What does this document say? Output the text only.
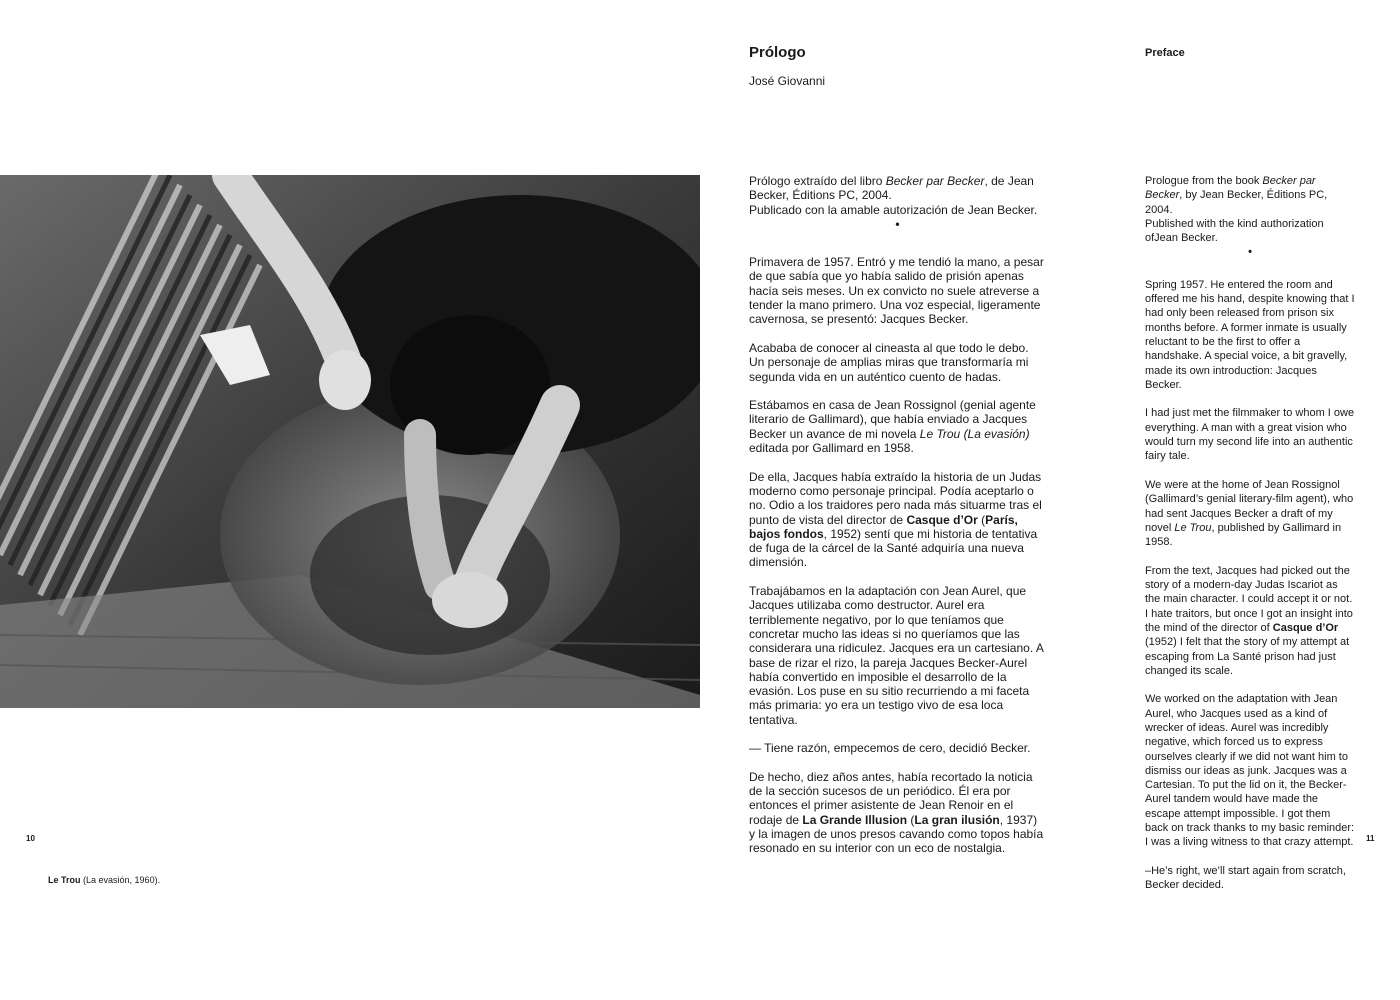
10
Le Trou (La evasión, 1960).
Prólogo
José Giovanni

Prólogo extraído del libro Becker par Becker, de Jean Becker, Éditions PC, 2004.
Publicado con la amable autorización de Jean Becker.

•

Primavera de 1957. Entró y me tendió la mano, a pesar de que sabía que yo había salido de prisión apenas hacía seis meses. Un ex convicto no suele atreverse a tender la mano primero. Una voz especial, ligeramente cavernosa, se presentó: Jacques Becker.

Acababa de conocer al cineasta al que todo le debo. Un personaje de amplias miras que transformaría mi segunda vida en un auténtico cuento de hadas.

Estábamos en casa de Jean Rossignol (genial agente literario de Gallimard), que había enviado a Jacques Becker un avance de mi novela Le Trou (La evasión) editada por Gallimard en 1958.

De ella, Jacques había extraído la historia de un Judas moderno como personaje principal. Podía aceptarlo o no. Odio a los traidores pero nada más situarme tras el punto de vista del director de Casque d’Or (París, bajos fondos, 1952) sentí que mi historia de tentativa de fuga de la cárcel de la Santé adquiría una nueva dimensión.

Trabajábamos en la adaptación con Jean Aurel, que Jacques utilizaba como destructor. Aurel era terriblemente negativo, por lo que teníamos que concretar mucho las ideas si no queríamos que las considerara una ridiculez. Jacques era un cartesiano. A base de rizar el rizo, la pareja Jacques Becker-Aurel había convertido en imposible el desarrollo de la evasión. Los puse en su sitio recurriendo a mi faceta más primaria: yo era un testigo vivo de esa loca tentativa.

— Tiene razón, empecemos de cero, decidió Becker.

De hecho, diez años antes, había recortado la noticia de la sección sucesos de un periódico. Él era por entonces el primer asistente de Jean Renoir en el rodaje de La Grande Illusion (La gran ilusión, 1937) y la imagen de unos presos cavando como topos había resonado en su interior con un eco de nostalgia.

Preface

Prologue from the book Becker par Becker, by Jean Becker, Éditions PC, 2004.
Published with the kind authorization ofJean Becker.

•

Spring 1957. He entered the room and offered me his hand, despite knowing that I had only been released from prison six months before. A former inmate is usually reluctant to be the first to offer a handshake. A special voice, a bit gravelly, made its own introduction: Jacques Becker.

I had just met the filmmaker to whom I owe everything. A man with a great vision who would turn my second life into an authentic fairy tale.

We were at the home of Jean Rossignol (Gallimard’s genial literary-film agent), who had sent Jacques Becker a draft of my novel Le Trou, published by Gallimard in 1958.

From the text, Jacques had picked out the story of a modern-day Judas Iscariot as the main character. I could accept it or not. I hate traitors, but once I got an insight into the mind of the director of Casque d’Or (1952) I felt that the story of my attempt at escaping from La Santé prison had just changed its scale.

We worked on the adaptation with Jean Aurel, who Jacques used as a kind of wrecker of ideas. Aurel was incredibly negative, which forced us to express ourselves clearly if we did not want him to dismiss our ideas as junk. Jacques was a Cartesian. To put the lid on it, the Becker-Aurel tandem would have made the escape attempt impossible. I got them back on track thanks to my basic reminder: I was a living witness to that crazy attempt.

–He’s right, we’ll start again from scratch, Becker decided.

11
